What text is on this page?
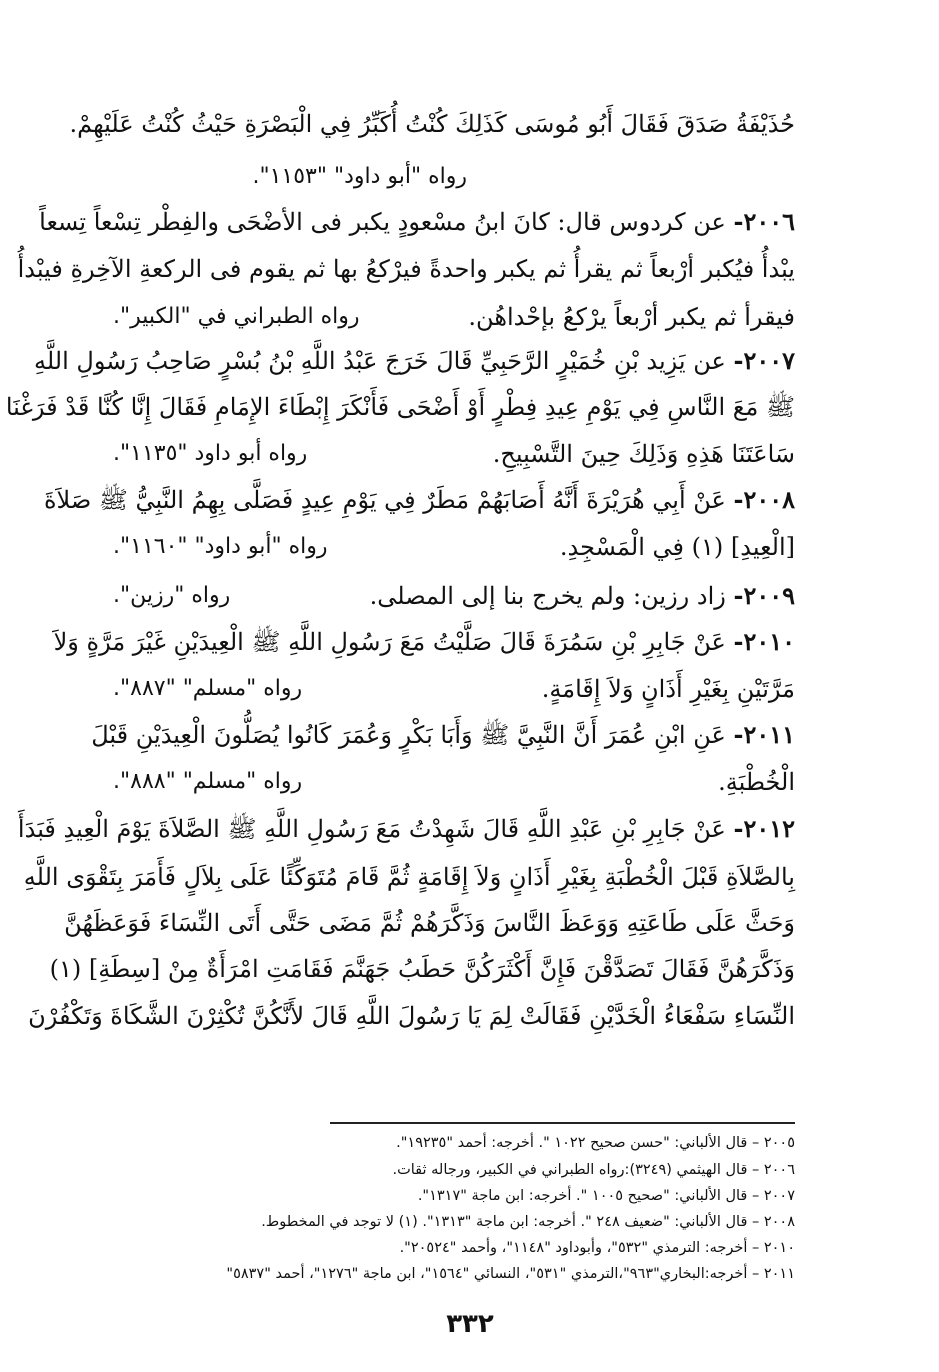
حُذَيْفَةُ صَدَقَ فَقَالَ أَبُو مُوسَى كَذَلِكَ كُنْتُ أُكَبِّرُ فِي الْبَصْرَةِ حَيْثُ كُنْتُ عَلَيْهِمْ.
رواه "أبو داود" "١١٥٣".
٢٠٠٦- عن كردوس قال: كانَ ابنُ مسْعودٍ يكبر فى الأضْحَى والفِطْر تِسْعاً تِسعاً
يبْدأُ فيُكبر أرْبعاً ثم يقرأُ ثم يكبر واحدةً فيرْكعُ بها ثم يقوم فى الركعةِ الآخِرةِ فيبْدأُ
فيقرأ ثم يكبر أرْبعاً يرْكعُ بإحْداهُن.
رواه الطبراني في "الكبير".
٢٠٠٧- عن يَزِيد بْنِ خُمَيْرٍ الرَّحَبِيِّ قَالَ خَرَجَ عَبْدُ اللَّهِ بْنُ بُسْرٍ صَاحِبُ رَسُولِ اللَّهِ
ﷺ مَعَ النَّاسِ فِي يَوْمِ عِيدِ فِطْرٍ أَوْ أَضْحَى فَأَنْكَرَ إِبْطَاءَ الإِمَامِ فَقَالَ إِنَّا كُنَّا قَدْ فَرَغْنَا
سَاعَتَنَا هَذِهِ وَذَلِكَ حِينَ التَّسْبِيحِ.
رواه أبو داود "١١٣٥".
٢٠٠٨- عَنْ أَبِي هُرَيْرَةَ أَنَّهُ أَصَابَهُمْ مَطَرٌ فِي يَوْمِ عِيدٍ فَصَلَّى بِهِمُ النَّبِيُّ ﷺ صَلاَةَ
[الْعِيدِ] (١) فِي الْمَسْجِدِ.
رواه "أبو داود" "١١٦٠".
٢٠٠٩- زاد رزين: ولم يخرج بنا إلى المصلى.
رواه "رزين".
٢٠١٠- عَنْ جَابِرِ بْنِ سَمُرَةَ قَالَ صَلَّيْتُ مَعَ رَسُولِ اللَّهِ ﷺ الْعِيدَيْنِ غَيْرَ مَرَّةٍ وَلاَ
مَرَّتَيْنِ بِغَيْرِ أَذَانٍ وَلاَ إِقَامَةٍ.
رواه "مسلم" "٨٨٧".
٢٠١١- عَنِ ابْنِ عُمَرَ أَنَّ النَّبِيَّ ﷺ وَأَبَا بَكْرٍ وَعُمَرَ كَانُوا يُصَلُّونَ الْعِيدَيْنِ قَبْلَ
الْخُطْبَةِ.
رواه "مسلم" "٨٨٨".
٢٠١٢- عَنْ جَابِرِ بْنِ عَبْدِ اللَّهِ قَالَ شَهِدْتُ مَعَ رَسُولِ اللَّهِ ﷺ الصَّلاَةَ يَوْمَ الْعِيدِ فَبَدَأَ
بِالصَّلاَةِ قَبْلَ الْخُطْبَةِ بِغَيْرِ أَذَانٍ وَلاَ إِقَامَةٍ ثُمَّ قَامَ مُتَوَكِّئًا عَلَى بِلاَلٍ فَأَمَرَ بِتَقْوَى اللَّهِ
وَحَثَّ عَلَى طَاعَتِهِ وَوَعَظَ النَّاسَ وَذَكَّرَهُمْ ثُمَّ مَضَى حَتَّى أَتَى النِّسَاءَ فَوَعَظَهُنَّ
وَذَكَّرَهُنَّ فَقَالَ تَصَدَّقْنَ فَإِنَّ أَكْثَرَكُنَّ حَطَبُ جَهَنَّمَ فَقَامَتِ امْرَأَةٌ مِنْ [سِطَةِ] (١)
النِّسَاءِ سَفْعَاءُ الْخَدَّيْنِ فَقَالَتْ لِمَ يَا رَسُولَ اللَّهِ قَالَ لأَنَّكُنَّ تُكْثِرْنَ الشَّكَاةَ وَتَكْفُرْنَ
٢٠٠٥ – قال الألباني: "حسن صحيح ١٠٢٢ ". أخرجه: أحمد "١٩٢٣٥".
٢٠٠٦ – قال الهيثمي (٣٢٤٩):رواه الطبراني في الكبير، ورجاله ثقات.
٢٠٠٧ – قال الألباني: "صحيح ١٠٠٥ ". أخرجه: ابن ماجة "١٣١٧".
٢٠٠٨ – قال الألباني: "ضعيف ٢٤٨ ". أخرجه: ابن ماجة "١٣١٣". (١) لا توجد في المخطوط.
٢٠١٠ – أخرجه: الترمذي "٥٣٢"، وأبوداود "١١٤٨"، وأحمد "٢٠٥٢٤".
٢٠١١ – أخرجه:البخاري"٩٦٣"،الترمذي "٥٣١"، النسائي "١٥٦٤"، ابن ماجة "١٢٧٦"، أحمد "٥٨٣٧"
٣٣٢
